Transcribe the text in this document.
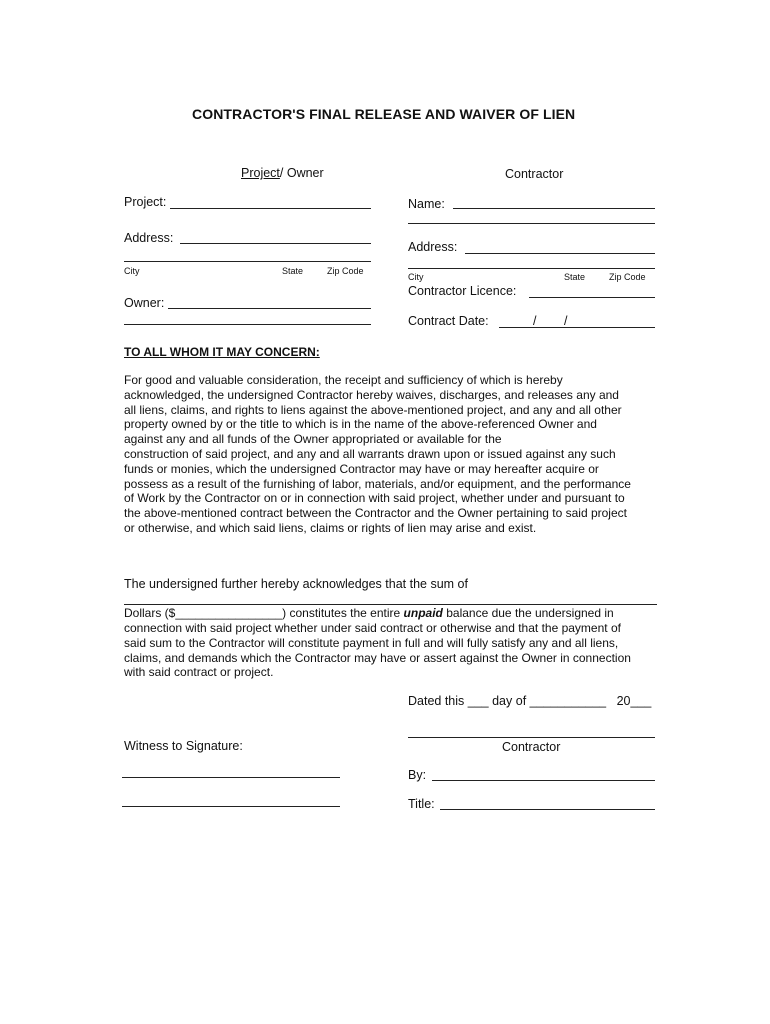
CONTRACTOR'S FINAL RELEASE AND WAIVER OF LIEN
Project/ Owner	Contractor
Project:
Address:
City	State	Zip Code
Owner:
Name:
Address:
City	State	Zip Code
Contractor Licence:
Contract Date:	/ /
TO ALL WHOM IT MAY CONCERN:
For good and valuable consideration, the receipt and sufficiency of which is hereby
acknowledged, the undersigned Contractor hereby waives, discharges, and releases any and
all liens, claims, and rights to liens against the above-mentioned project, and any and all other
property owned by or the title to which is in the name of the above-referenced Owner and
against any and all funds of the Owner appropriated or available for the
construction of said project, and any and all warrants drawn upon or issued against any such
funds or monies, which the undersigned Contractor may have or may hereafter acquire or
possess as a result of the furnishing of labor, materials, and/or equipment, and the performance
of Work by the Contractor on or in connection with said project, whether under and pursuant to
the above-mentioned contract between the Contractor and the Owner pertaining to said project
or otherwise, and which said liens, claims or rights of lien may arise and exist.
The undersigned further hereby acknowledges that the sum of
Dollars ($________________) constitutes the entire unpaid balance due the undersigned in
connection with said project whether under said contract or otherwise and that the payment of
said sum to the Contractor will constitute payment in full and will fully satisfy any and all liens,
claims, and demands which the Contractor may have or assert against the Owner in connection
with said contract or project.
Dated this ___ day of ___________ 20___
Witness to Signature:	Contractor
By:
Title:
